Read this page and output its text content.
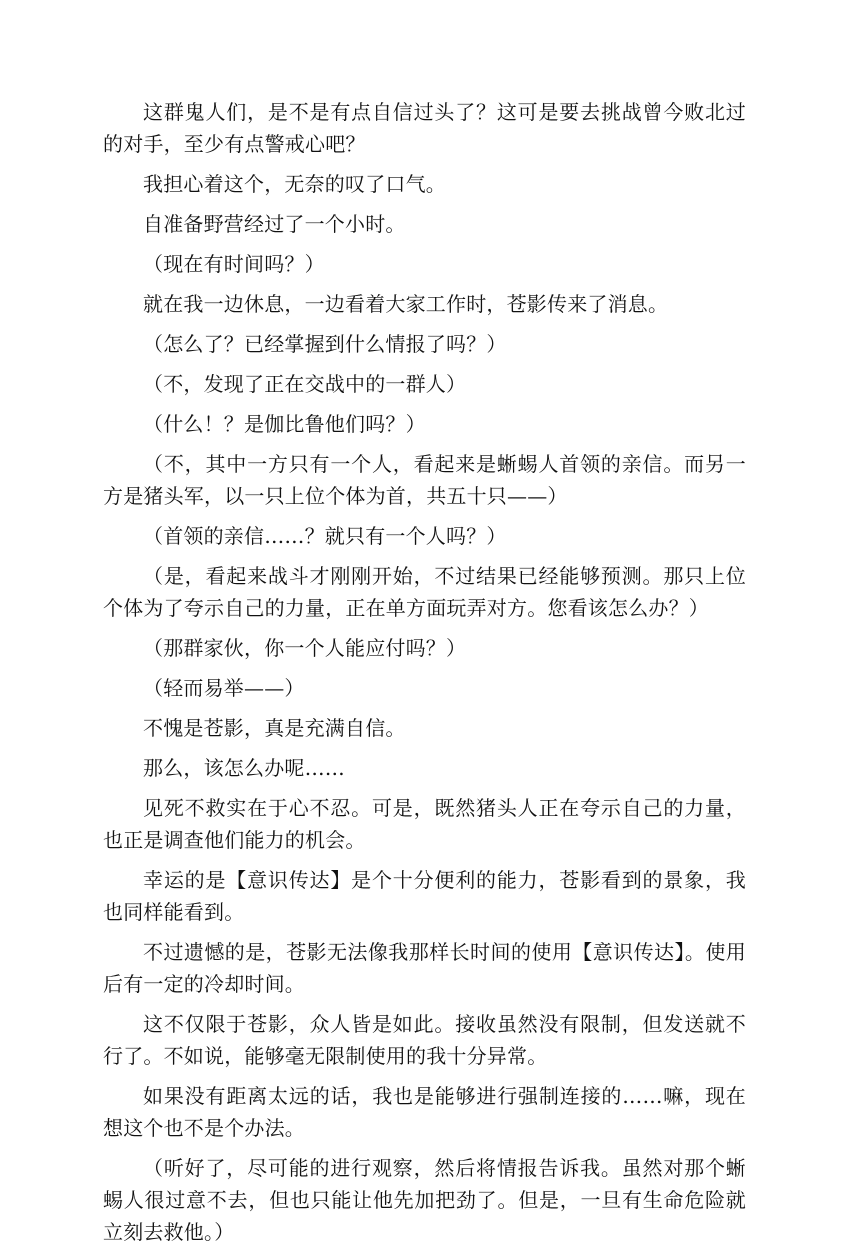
这群鬼人们，是不是有点自信过头了？这可是要去挑战曾今败北过的对手，至少有点警戒心吧？

我担心着这个，无奈的叹了口气。

自准备野营经过了一个小时。

（现在有时间吗？）

就在我一边休息，一边看着大家工作时，苍影传来了消息。

（怎么了？已经掌握到什么情报了吗？）

（不，发现了正在交战中的一群人）

（什么！？是伽比鲁他们吗？）

（不，其中一方只有一个人，看起来是蜥蜴人首领的亲信。而另一方是猪头军，以一只上位个体为首，共五十只——）

（首领的亲信……？就只有一个人吗？）

（是，看起来战斗才刚刚开始，不过结果已经能够预测。那只上位个体为了夸示自己的力量，正在单方面玩弄对方。您看该怎么办？）

（那群家伙，你一个人能应付吗？）

（轻而易举——）

不愧是苍影，真是充满自信。

那么，该怎么办呢……

见死不救实在于心不忍。可是，既然猪头人正在夸示自己的力量，也正是调查他们能力的机会。

幸运的是【意识传达】是个十分便利的能力，苍影看到的景象，我也同样能看到。

不过遗憾的是，苍影无法像我那样长时间的使用【意识传达】。使用后有一定的冷却时间。

这不仅限于苍影，众人皆是如此。接收虽然没有限制，但发送就不行了。不如说，能够毫无限制使用的我十分异常。

如果没有距离太远的话，我也是能够进行强制连接的……嘛，现在想这个也不是个办法。

（听好了，尽可能的进行观察，然后将情报告诉我。虽然对那个蜥蜴人很过意不去，但也只能让他先加把劲了。但是，一旦有生命危险就立刻去救他。）
